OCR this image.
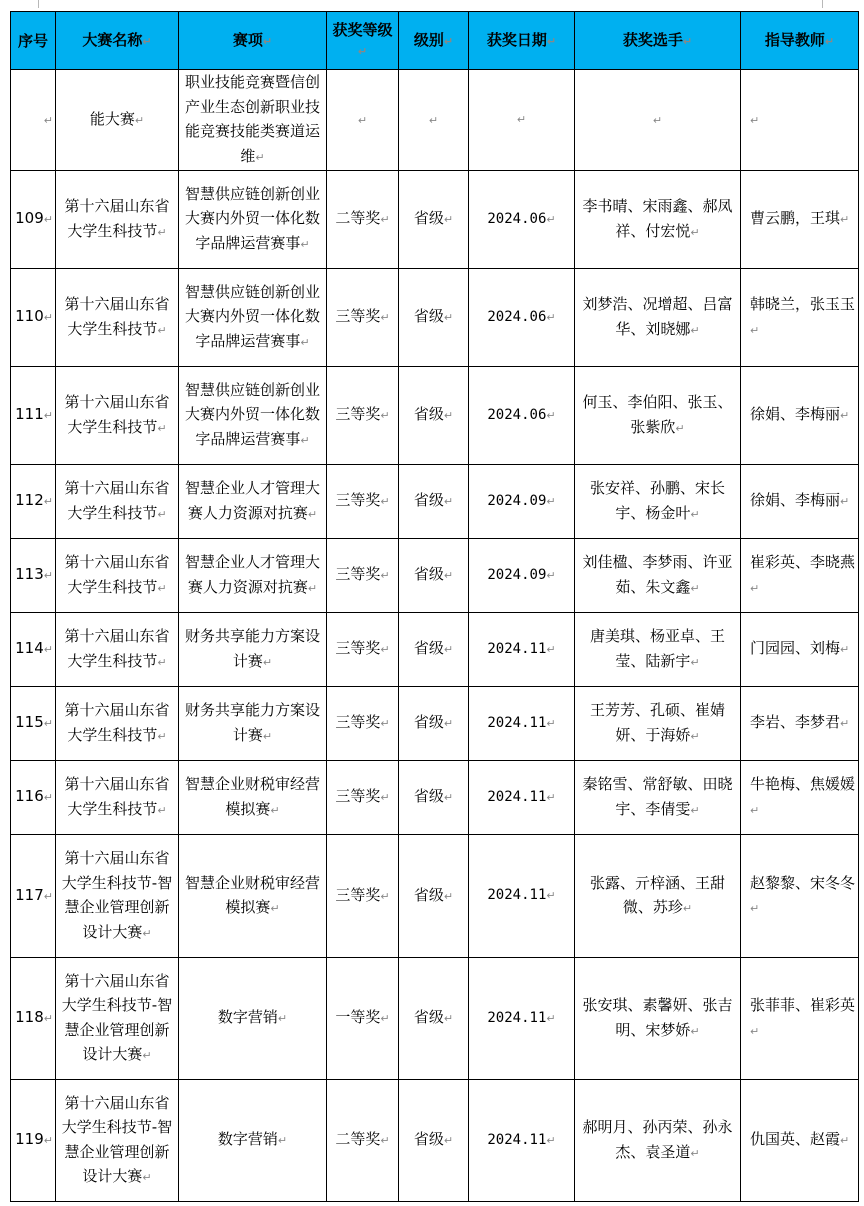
序号	大赛名称↵	赛项↵	获奖等级↵	级别↵	获奖日期↵	获奖选手↵	指导教师↵
↵	能大赛↵	职业技能竞赛暨信创产业生态创新职业技能竞赛技能类赛道运维↵	↵	↵	↵	↵	↵
109↵	第十六届山东省大学生科技节↵	智慧供应链创新创业大赛内外贸一体化数字品牌运营赛事↵	二等奖↵	省级↵	2024.06↵	李书晴、宋雨鑫、郝凤祥、付宏悦↵	曹云鹏，王琪↵
110↵	第十六届山东省大学生科技节↵	智慧供应链创新创业大赛内外贸一体化数字品牌运营赛事↵	三等奖↵	省级↵	2024.06↵	刘梦浩、况增超、吕富华、刘晓娜↵	韩晓兰，张玉玉↵
111↵	第十六届山东省大学生科技节↵	智慧供应链创新创业大赛内外贸一体化数字品牌运营赛事↵	三等奖↵	省级↵	2024.06↵	何玉、李伯阳、张玉、张紫欣↵	徐娟、李梅丽↵
112↵	第十六届山东省大学生科技节↵	智慧企业人才管理大赛人力资源对抗赛↵	三等奖↵	省级↵	2024.09↵	张安祥、孙鹏、宋长宇、杨金叶↵	徐娟、李梅丽↵
113↵	第十六届山东省大学生科技节↵	智慧企业人才管理大赛人力资源对抗赛↵	三等奖↵	省级↵	2024.09↵	刘佳楹、李梦雨、许亚茹、朱文鑫↵	崔彩英、李晓燕↵
114↵	第十六届山东省大学生科技节↵	财务共享能力方案设计赛↵	三等奖↵	省级↵	2024.11↵	唐美琪、杨亚卓、王莹、陆新宇↵	门园园、刘梅↵
115↵	第十六届山东省大学生科技节↵	财务共享能力方案设计赛↵	三等奖↵	省级↵	2024.11↵	王芳芳、孔硕、崔婧妍、于海娇↵	李岩、李梦君↵
116↵	第十六届山东省大学生科技节↵	智慧企业财税审经营模拟赛↵	三等奖↵	省级↵	2024.11↵	秦铭雪、常舒敏、田晓宇、李倩雯↵	牛艳梅、焦媛媛↵
117↵	第十六届山东省大学生科技节-智慧企业管理创新设计大赛↵	智慧企业财税审经营模拟赛↵	三等奖↵	省级↵	2024.11↵	张露、亓梓涵、王甜微、苏珍↵	赵黎黎、宋冬冬↵
118↵	第十六届山东省大学生科技节-智慧企业管理创新设计大赛↵	数字营销↵	一等奖↵	省级↵	2024.11↵	张安琪、素馨妍、张吉明、宋梦娇↵	张菲菲、崔彩英↵
119↵	第十六届山东省大学生科技节-智慧企业管理创新设计大赛↵	数字营销↵	二等奖↵	省级↵	2024.11↵	郝明月、孙丙荣、孙永杰、袁圣道↵	仇国英、赵霞↵
